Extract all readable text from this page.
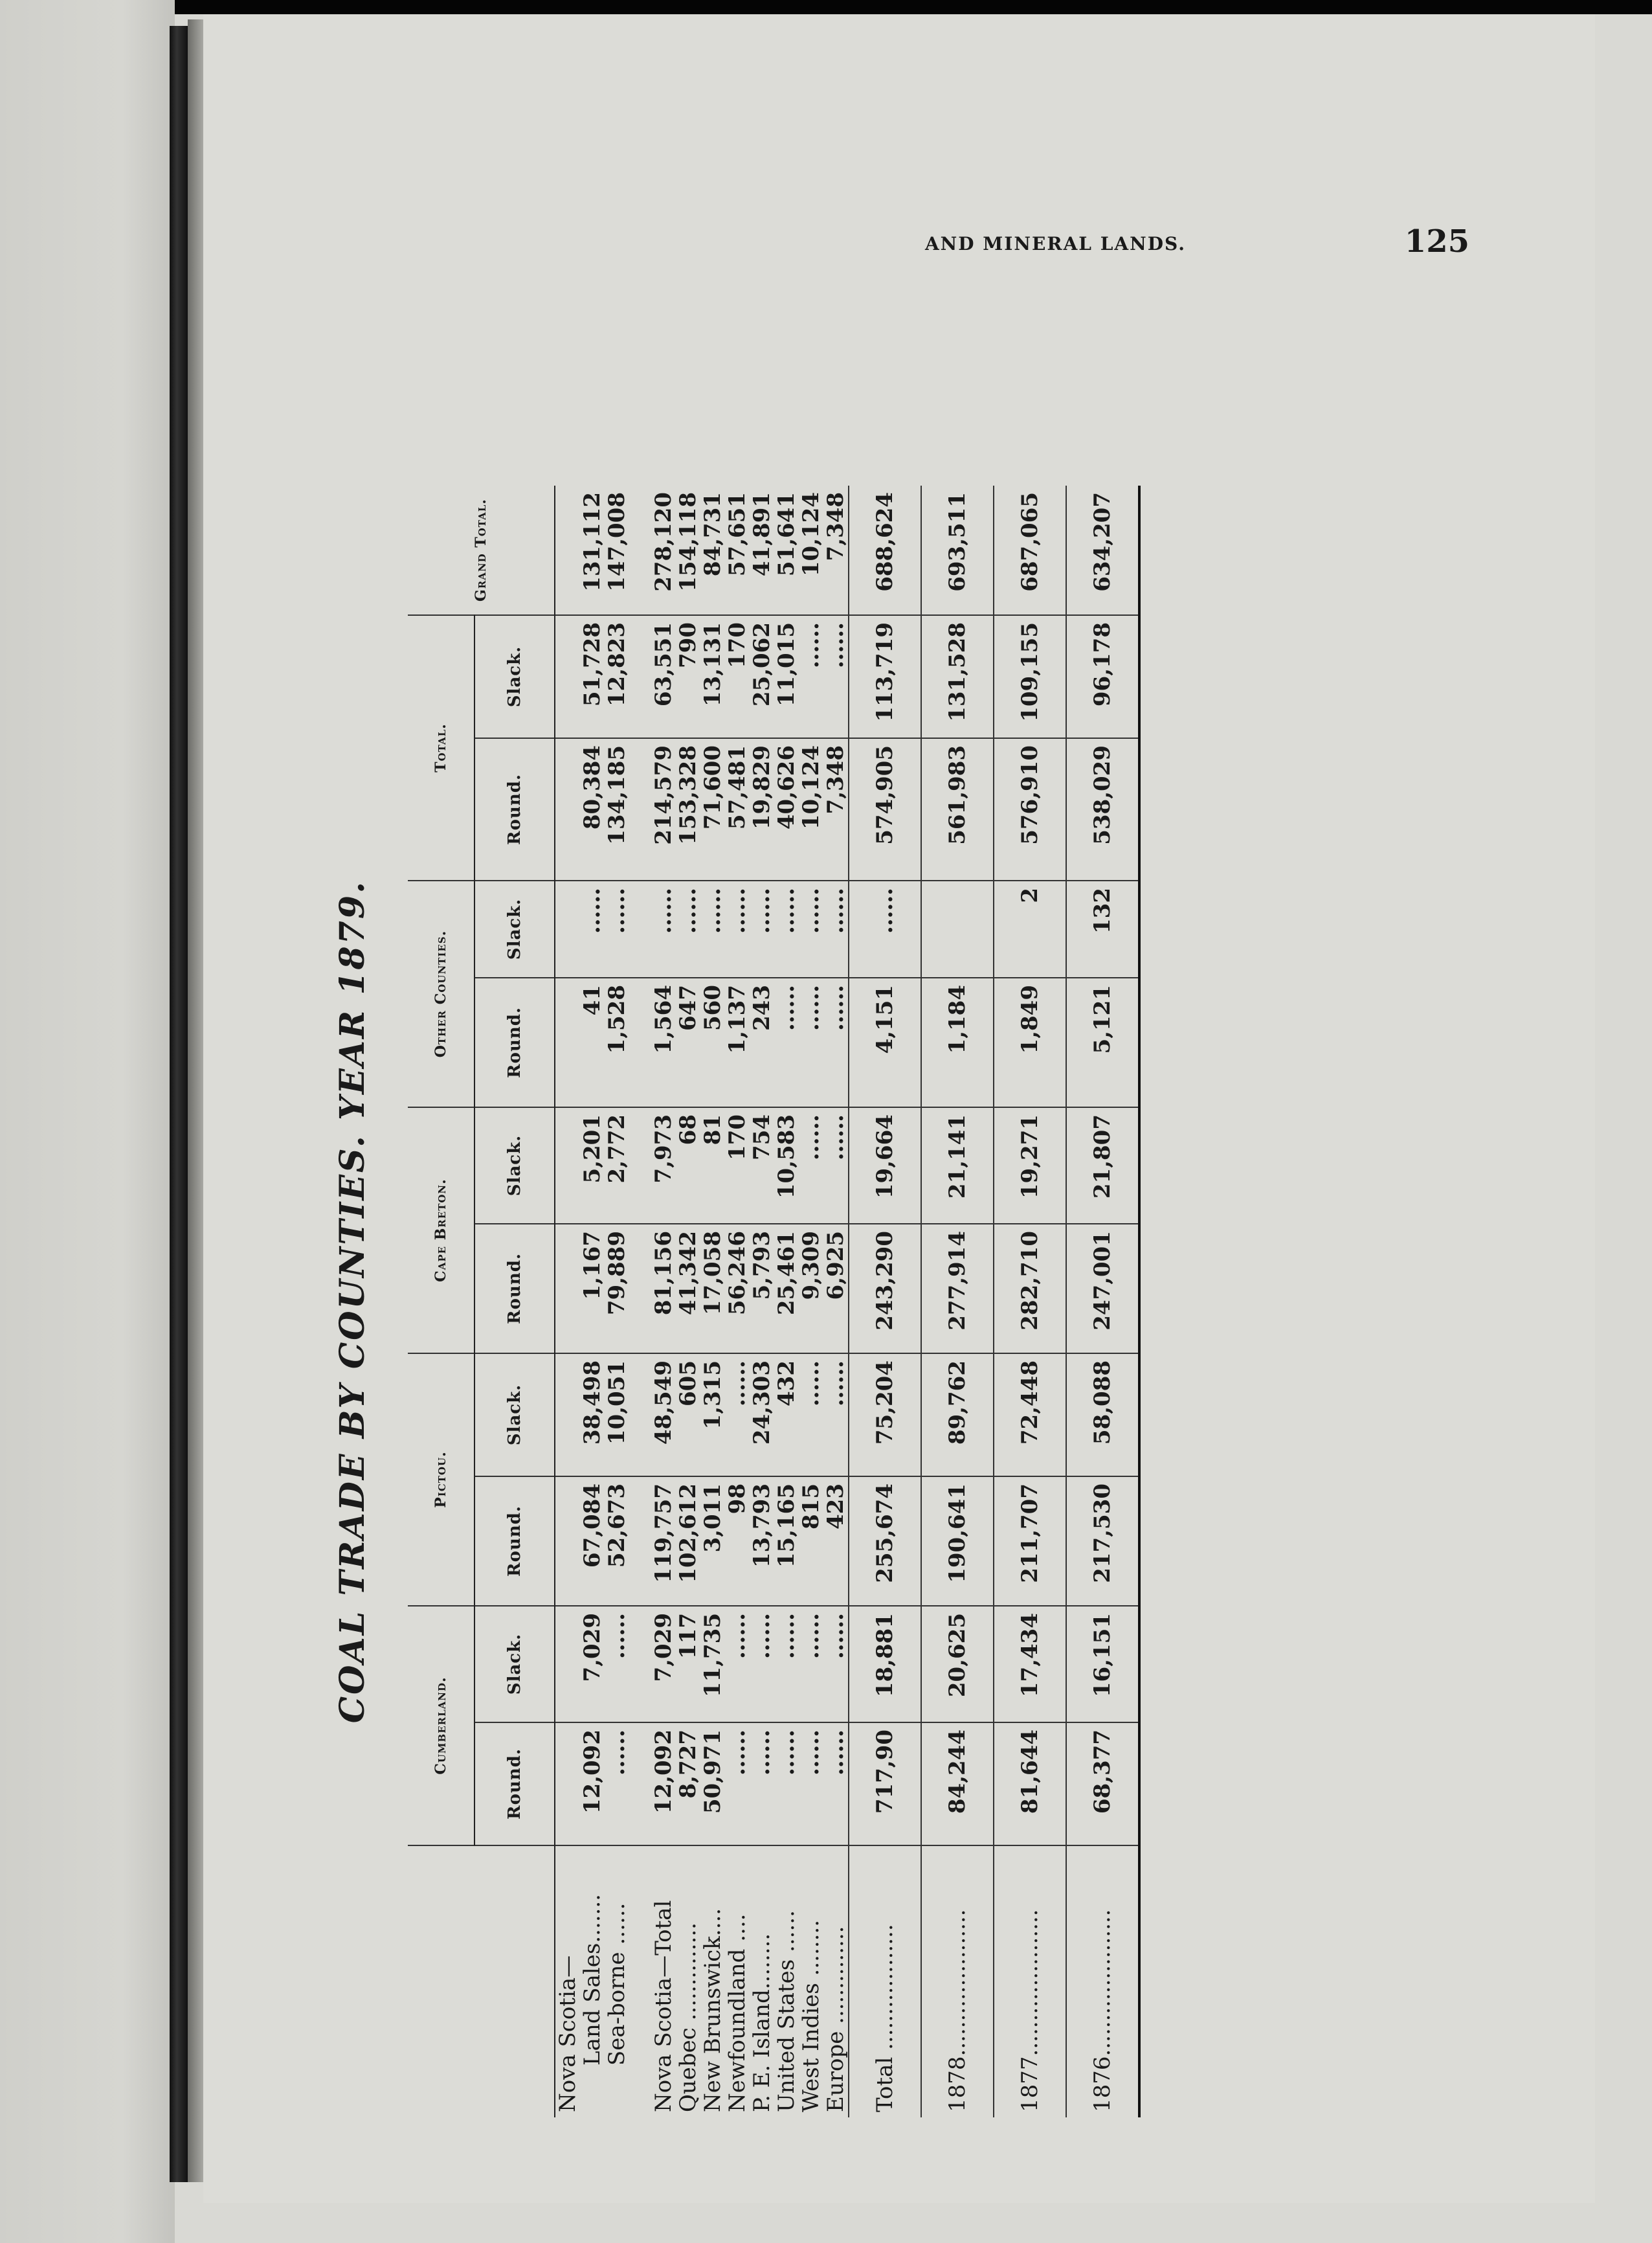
AND MINERAL LANDS.	125
COAL TRADE BY COUNTIES. YEAR 1879.
	Cumberland.		Pictou.		Cape Breton.		Other Counties.		Total.		Grand Total.
	Round.	Slack.	Round.	Slack.	Round.	Slack.	Round.	Slack.	Round.	Slack.	
Nova Scotia—											
Land Sales.......	12,092	7,029	67,084	38,498	1,167	5,201	41	......	80,384	51,728	131,112
Sea-borne ......	......	......	52,673	10,051	79,889	2,772	1,528	......	134,185	12,823	147,008

Nova Scotia—Total	12,092	7,029	119,757	48,549	81,156	7,973	1,564	......	214,579	63,551	278,120
Quebec ..............	8,727	117	102,612	605	41,342	68	647	......	153,328	790	154,118
New Brunswick....	50,971	11,735	3,011	1,315	17,058	81	560	......	71,600	13,131	84,731
Newfoundland ....	......	......	98	......	56,246	170	1,137	......	57,481	170	57,651
P. E. Island........	......	......	13,793	24,303	5,793	754	243	......	19,829	25,062	41,891
United States ......	......	......	15,165	432	25,461	10,583	......	......	40,626	11,015	51,641
West Indies ........	......	......	815	......	9,309	......	......	......	10,124	......	10,124
Europe ..............	......	......	423	......	6,925	......	......	......	7,348	......	7,348
Total ..................	717,90	18,881	255,674	75,204	243,290	19,664	4,151	......	574,905	113,719	688,624
1878.....................	84,244	20,625	190,641	89,762	277,914	21,141	1,184		561,983	131,528	693,511
1877.....................	81,644	17,434	211,707	72,448	282,710	19,271	1,849	2	576,910	109,155	687,065
1876.....................	68,377	16,151	217,530	58,088	247,001	21,807	5,121	132	538,029	96,178	634,207
